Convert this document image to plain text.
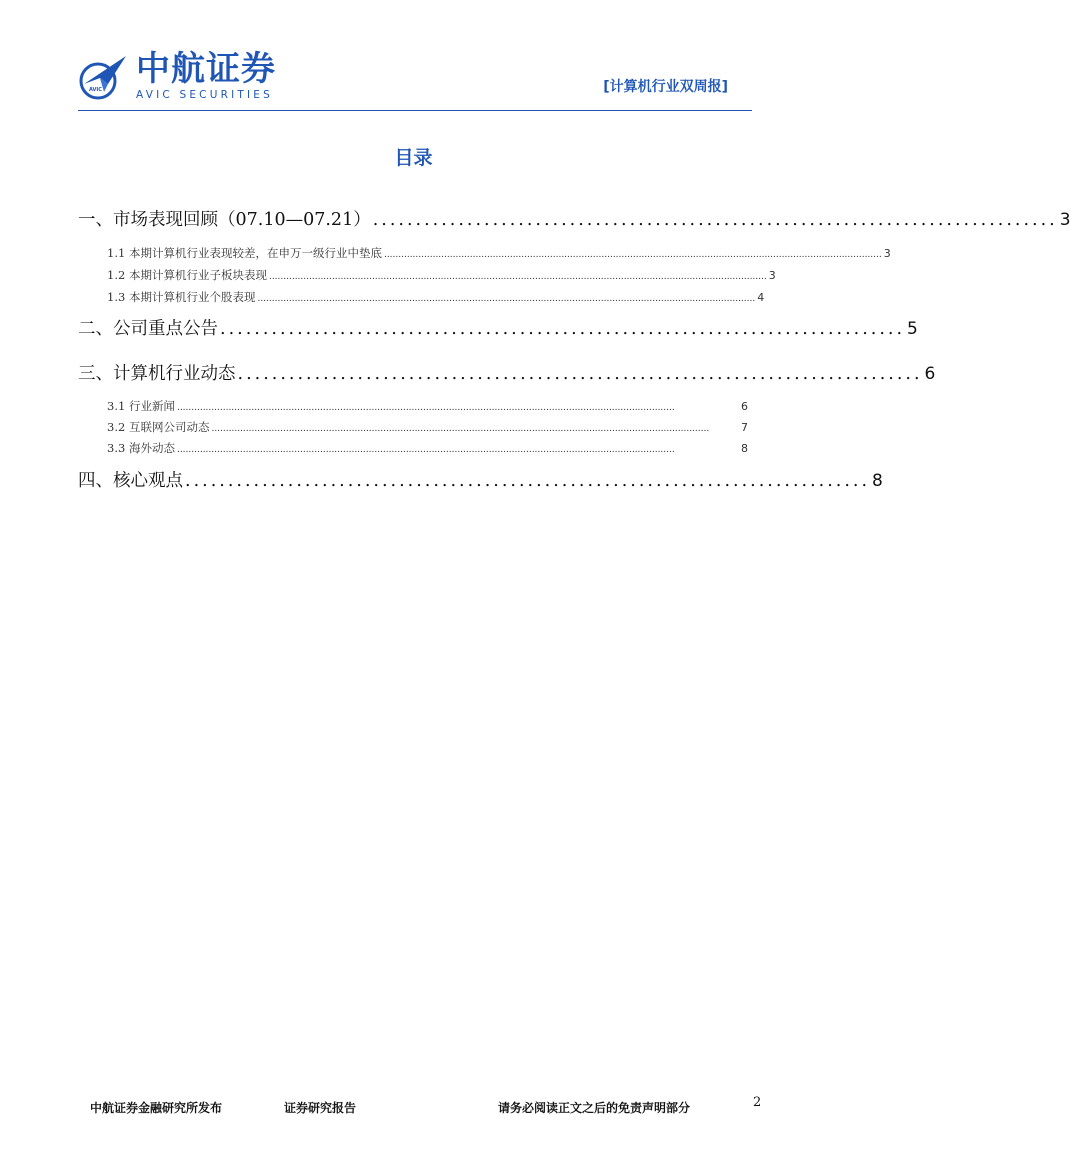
AVIC
中航证券
AVIC SECURITIES	[计算机行业双周报]
目录
一、市场表现回顾（07.10—07.21） ................................................................................ 3
1.1 本期计算机行业表现较差，在申万一级行业中垫底 .............................................................................................................................................................................. 3
1.2 本期计算机行业子板块表现 .............................................................................................................................................................................. 3
1.3 本期计算机行业个股表现 .............................................................................................................................................................................. 4
二、公司重点公告 ................................................................................ 5
三、计算机行业动态 ................................................................................ 6
3.1 行业新闻 ..............................................................................................................................................................................	6
3.2 互联网公司动态 ..............................................................................................................................................................................	7
3.3 海外动态 ..............................................................................................................................................................................	8
四、核心观点 ................................................................................ 8
中航证券金融研究所发布	证券研究报告	请务必阅读正文之后的免责声明部分	2
